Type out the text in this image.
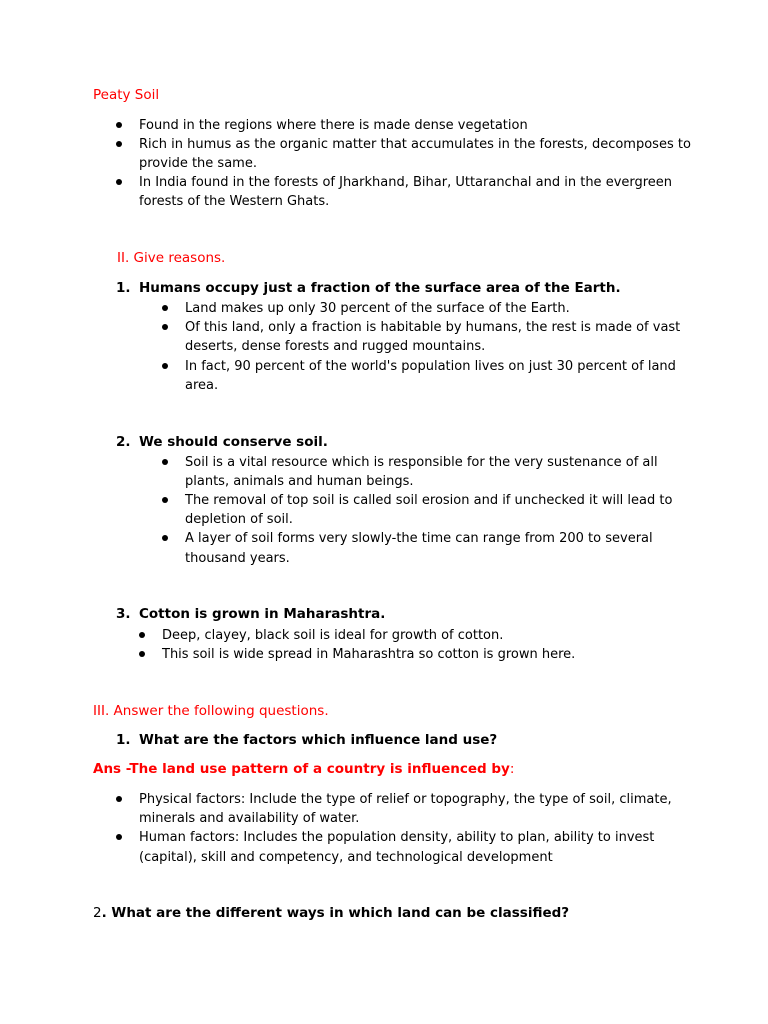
Peaty Soil
Found in the regions where there is made dense vegetation
Rich in humus as the organic matter that accumulates in the forests, decomposes to
provide the same.
In India found in the forests of Jharkhand, Bihar, Uttaranchal and in the evergreen
forests of the Western Ghats.
II. Give reasons.
1. Humans occupy just a fraction of the surface area of the Earth.
Land makes up only 30 percent of the surface of the Earth.
Of this land, only a fraction is habitable by humans, the rest is made of vast
deserts, dense forests and rugged mountains.
In fact, 90 percent of the world's population lives on just 30 percent of land
area.
2. We should conserve soil.
Soil is a vital resource which is responsible for the very sustenance of all
plants, animals and human beings.
The removal of top soil is called soil erosion and if unchecked it will lead to
depletion of soil.
A layer of soil forms very slowly-the time can range from 200 to several
thousand years.
3. Cotton is grown in Maharashtra.
Deep, clayey, black soil is ideal for growth of cotton.
This soil is wide spread in Maharashtra so cotton is grown here.
III. Answer the following questions.
1. What are the factors which influence land use?
Ans -The land use pattern of a country is influenced by:
Physical factors: Include the type of relief or topography, the type of soil, climate,
minerals and availability of water.
Human factors: Includes the population density, ability to plan, ability to invest
(capital), skill and competency, and technological development
2. What are the different ways in which land can be classified?
